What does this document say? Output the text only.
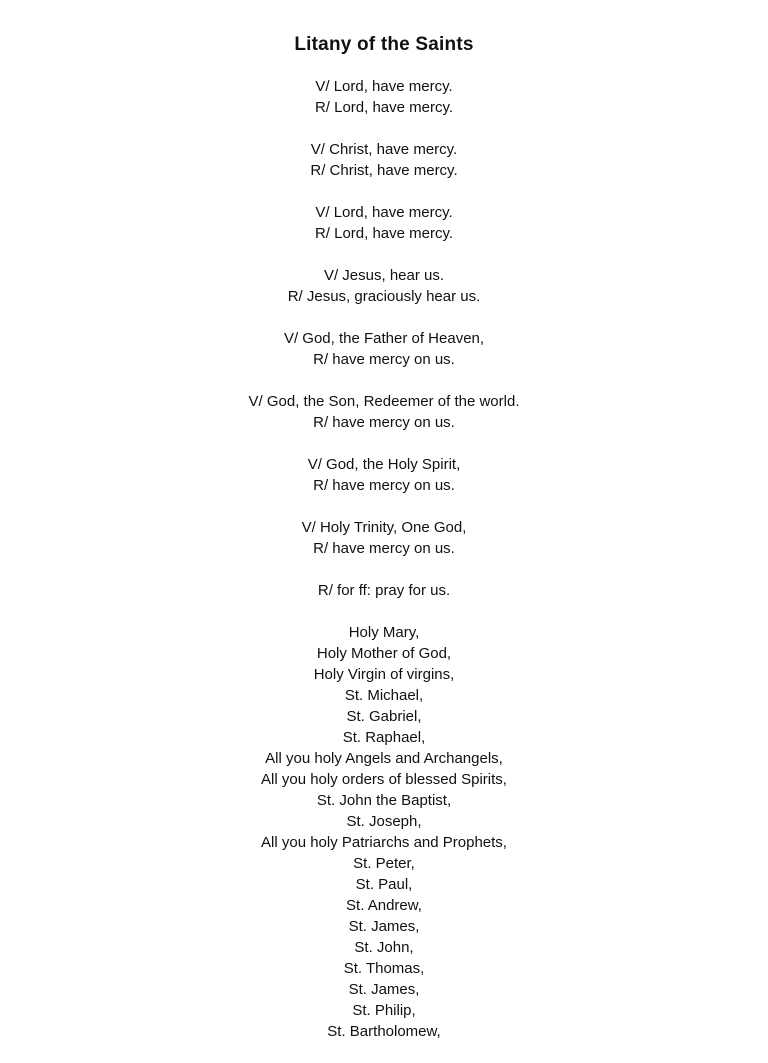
Litany of the Saints
V/ Lord, have mercy.
R/ Lord, have mercy.
V/ Christ, have mercy.
R/ Christ, have mercy.
V/ Lord, have mercy.
R/ Lord, have mercy.
V/ Jesus, hear us.
R/ Jesus, graciously hear us.
V/ God, the Father of Heaven,
R/ have mercy on us.
V/ God, the Son, Redeemer of the world.
R/ have mercy on us.
V/ God, the Holy Spirit,
R/ have mercy on us.
V/ Holy Trinity, One God,
R/ have mercy on us.
R/ for ff: pray for us.
Holy Mary,
Holy Mother of God,
Holy Virgin of virgins,
St. Michael,
St. Gabriel,
St. Raphael,
All you holy Angels and Archangels,
All you holy orders of blessed Spirits,
St. John the Baptist,
St. Joseph,
All you holy Patriarchs and Prophets,
St. Peter,
St. Paul,
St. Andrew,
St. James,
St. John,
St. Thomas,
St. James,
St. Philip,
St. Bartholomew,
